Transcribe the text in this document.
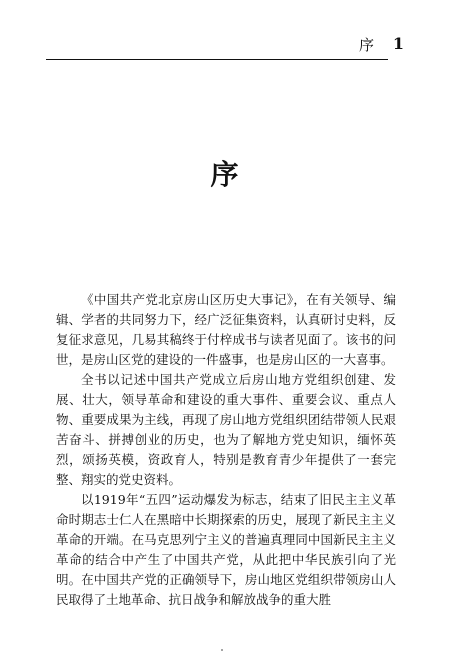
序 1
序

《中国共产党北京房山区历史大事记》，在有关领导、编辑、学者的共同努力下，经广泛征集资料，认真研讨史料，反复征求意见，几易其稿终于付梓成书与读者见面了。该书的问世，是房山区党的建设的一件盛事，也是房山区的一大喜事。

全书以记述中国共产党成立后房山地方党组织创建、发展、壮大，领导革命和建设的重大事件、重要会议、重点人物、重要成果为主线，再现了房山地方党组织团结带领人民艰苦奋斗、拼搏创业的历史，也为了解地方党史知识，缅怀英烈，颂扬英模，资政育人，特别是教育青少年提供了一套完整、翔实的党史资料。

以1919年“五四”运动爆发为标志，结束了旧民主主义革命时期志士仁人在黑暗中长期探索的历史，展现了新民主主义革命的开端。在马克思列宁主义的普遍真理同中国新民主主义革命的结合中产生了中国共产党，从此把中华民族引向了光明。在中国共产党的正确领导下，房山地区党组织带领房山人民取得了土地革命、抗日战争和解放战争的重大胜
